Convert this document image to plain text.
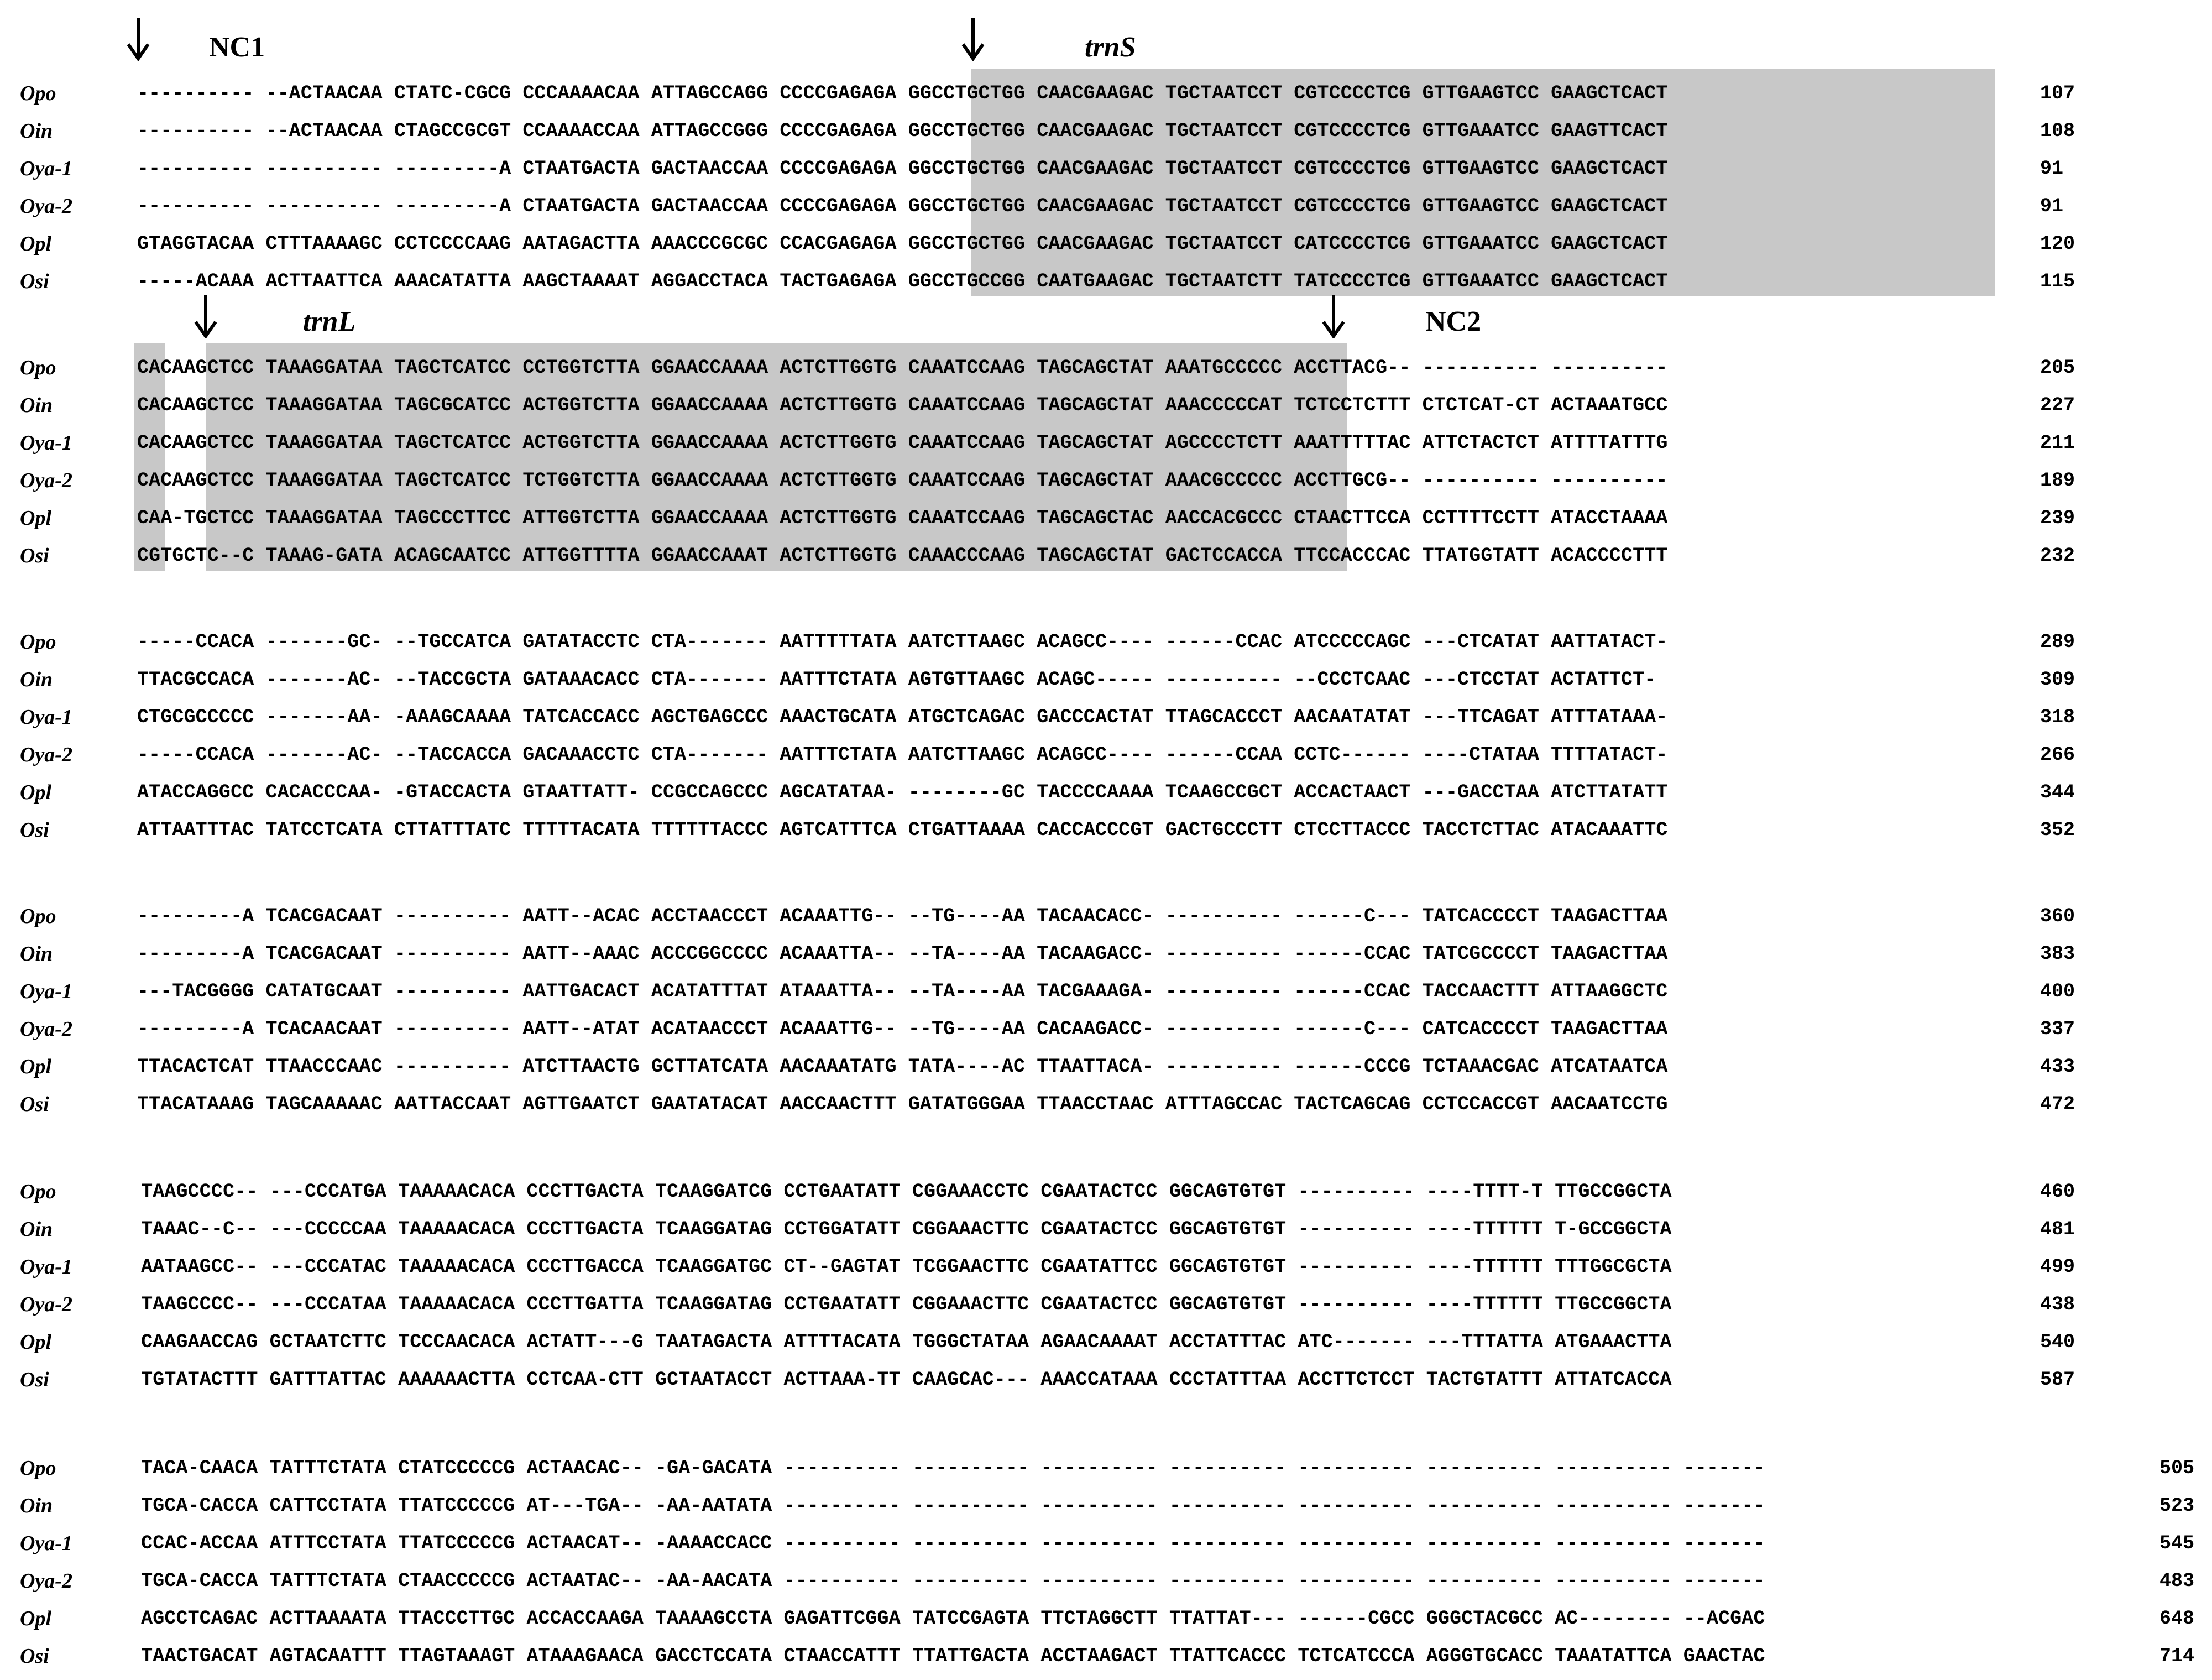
NC1	trnS
trnL	NC2
Opo	---------- --ACTAACAA CTATC-CGCG CCCAAAACAA ATTAGCCAGG CCCCGAGAGA GGCCTGCTGG CAACGAAGAC TGCTAATCCT CGTCCCCTCG GTTGAAGTCC GAAGCTCACT	107
Oin	---------- --ACTAACAA CTAGCCGCGT CCAAAACCAA ATTAGCCGGG CCCCGAGAGA GGCCTGCTGG CAACGAAGAC TGCTAATCCT CGTCCCCTCG GTTGAAATCC GAAGTTCACT	108
Oya-1	---------- ---------- ---------A CTAATGACTA GACTAACCAA CCCCGAGAGA GGCCTGCTGG CAACGAAGAC TGCTAATCCT CGTCCCCTCG GTTGAAGTCC GAAGCTCACT	91
Oya-2	---------- ---------- ---------A CTAATGACTA GACTAACCAA CCCCGAGAGA GGCCTGCTGG CAACGAAGAC TGCTAATCCT CGTCCCCTCG GTTGAAGTCC GAAGCTCACT	91
Opl	GTAGGTACAA CTTTAAAAGC CCTCCCCAAG AATAGACTTA AAACCCGCGC CCACGAGAGA GGCCTGCTGG CAACGAAGAC TGCTAATCCT CATCCCCTCG GTTGAAATCC GAAGCTCACT	120
Osi	-----ACAAA ACTTAATTCA AAACATATTA AAGCTAAAAT AGGACCTACA TACTGAGAGA GGCCTGCCGG CAATGAAGAC TGCTAATCTT TATCCCCTCG GTTGAAATCC GAAGCTCACT	115
Opo	CACAAGCTCC TAAAGGATAA TAGCTCATCC CCTGGTCTTA GGAACCAAAA ACTCTTGGTG CAAATCCAAG TAGCAGCTAT AAATGCCCCC ACCTTACG-- ---------- ----------	205
Oin	CACAAGCTCC TAAAGGATAA TAGCGCATCC ACTGGTCTTA GGAACCAAAA ACTCTTGGTG CAAATCCAAG TAGCAGCTAT AAACCCCCAT TCTCCTCTTT CTCTCAT-CT ACTAAATGCC	227
Oya-1	CACAAGCTCC TAAAGGATAA TAGCTCATCC ACTGGTCTTA GGAACCAAAA ACTCTTGGTG CAAATCCAAG TAGCAGCTAT AGCCCCTCTT AAATTTTTAC ATTCTACTCT ATTTTATTTG	211
Oya-2	CACAAGCTCC TAAAGGATAA TAGCTCATCC TCTGGTCTTA GGAACCAAAA ACTCTTGGTG CAAATCCAAG TAGCAGCTAT AAACGCCCCC ACCTTGCG-- ---------- ----------	189
Opl	CAA-TGCTCC TAAAGGATAA TAGCCCTTCC ATTGGTCTTA GGAACCAAAA ACTCTTGGTG CAAATCCAAG TAGCAGCTAC AACCACGCCC CTAACTTCCA CCTTTTCCTT ATACCTAAAA	239
Osi	CGTGCTC--C TAAAG-GATA ACAGCAATCC ATTGGTTTTA GGAACCAAAT ACTCTTGGTG CAAACCCAAG TAGCAGCTAT GACTCCACCA TTCCACCCAC TTATGGTATT ACACCCCTTT	232
Opo	-----CCACA -------GC- --TGCCATCA GATATACCTC CTA------- AATTTTTATA AATCTTAAGC ACAGCC---- ------CCAC ATCCCCCAGC ---CTCATAT AATTATACT-	289
Oin	TTACGCCACA -------AC- --TACCGCTA GATAAACACC CTA------- AATTTCTATA AGTGTTAAGC ACAGC----- ---------- --CCCTCAAC ---CTCCTAT ACTATTCT-	309
Oya-1	CTGCGCCCCC -------AA- -AAAGCAAAA TATCACCACC AGCTGAGCCC AAACTGCATA ATGCTCAGAC GACCCACTAT TTAGCACCCT AACAATATAT ---TTCAGAT ATTTATAAA-	318
Oya-2	-----CCACA -------AC- --TACCACCA GACAAACCTC CTA------- AATTTCTATA AATCTTAAGC ACAGCC---- ------CCAA CCTC------ ----CTATAA TTTTATACT-	266
Opl	ATACCAGGCC CACACCCAA- -GTACCACTA GTAATTATT- CCGCCAGCCC AGCATATAA- --------GC TACCCCAAAA TCAAGCCGCT ACCACTAACT ---GACCTAA ATCTTATATT	344
Osi	ATTAATTTAC TATCCTCATA CTTATTTATC TTTTTACATA TTTTTTACCC AGTCATTTCA CTGATTAAAA CACCACCCGT GACTGCCCTT CTCCTTACCC TACCTCTTAC ATACAAATTC	352
Opo	---------A TCACGACAAT ---------- AATT--ACAC ACCTAACCCT ACAAATTG-- --TG----AA TACAACACC- ---------- ------C--- TATCACCCCT TAAGACTTAA	360
Oin	---------A TCACGACAAT ---------- AATT--AAAC ACCCGGCCCC ACAAATTA-- --TA----AA TACAAGACC- ---------- ------CCAC TATCGCCCCT TAAGACTTAA	383
Oya-1	---TACGGGG CATATGCAAT ---------- AATTGACACT ACATATTTAT ATAAATTA-- --TA----AA TACGAAAGA- ---------- ------CCAC TACCAACTTT ATTAAGGCTC	400
Oya-2	---------A TCACAACAAT ---------- AATT--ATAT ACATAACCCT ACAAATTG-- --TG----AA CACAAGACC- ---------- ------C--- CATCACCCCT TAAGACTTAA	337
Opl	TTACACTCAT TTAACCCAAC ---------- ATCTTAACTG GCTTATCATA AACAAATATG TATA----AC TTAATTACA- ---------- ------CCCG TCTAAACGAC ATCATAATCA	433
Osi	TTACATAAAG TAGCAAAAAC AATTACCAAT AGTTGAATCT GAATATACAT AACCAACTTT GATATGGGAA TTAACCTAAC ATTTAGCCAC TACTCAGCAG CCTCCACCGT AACAATCCTG	472
Opo	TAAGCCCC-- ---CCCATGA TAAAAACACA CCCTTGACTA TCAAGGATCG CCTGAATATT CGGAAACCTC CGAATACTCC GGCAGTGTGT ---------- ----TTTT-T TTGCCGGCTA	460
Oin	TAAAC--C-- ---CCCCCAA TAAAAACACA CCCTTGACTA TCAAGGATAG CCTGGATATT CGGAAACTTC CGAATACTCC GGCAGTGTGT ---------- ----TTTTTT T-GCCGGCTA	481
Oya-1	AATAAGCC-- ---CCCATAC TAAAAACACA CCCTTGACCA TCAAGGATGC CT--GAGTAT TCGGAACTTC CGAATATTCC GGCAGTGTGT ---------- ----TTTTTT TTTGGCGCTA	499
Oya-2	TAAGCCCC-- ---CCCATAA TAAAAACACA CCCTTGATTA TCAAGGATAG CCTGAATATT CGGAAACTTC CGAATACTCC GGCAGTGTGT ---------- ----TTTTTT TTGCCGGCTA	438
Opl	CAAGAACCAG GCTAATCTTC TCCCAACACA ACTATT---G TAATAGACTA ATTTTACATA TGGGCTATAA AGAACAAAAT ACCTATTTAC ATC------- ---TTTATTA ATGAAACTTA	540
Osi	TGTATACTTT GATTTATTAC AAAAAACTTA CCTCAA-CTT GCTAATACCT ACTTAAA-TT CAAGCAC--- AAACCATAAA CCCTATTTAA ACCTTCTCCT TACTGTATTT ATTATCACCA	587
Opo	TACA-CAACA TATTTCTATA CTATCCCCCG ACTAACAC-- -GA-GACATA ---------- ---------- ---------- ---------- ---------- ---------- ---------- -------	505
Oin	TGCA-CACCA CATTCCTATA TTATCCCCCG AT---TGA-- -AA-AATATA ---------- ---------- ---------- ---------- ---------- ---------- ---------- -------	523
Oya-1	CCAC-ACCAA ATTTCCTATA TTATCCCCCG ACTAACAT-- -AAAACCACC ---------- ---------- ---------- ---------- ---------- ---------- ---------- -------	545
Oya-2	TGCA-CACCA TATTTCTATA CTAACCCCCG ACTAATAC-- -AA-AACATA ---------- ---------- ---------- ---------- ---------- ---------- ---------- -------	483
Opl	AGCCTCAGAC ACTTAAAATA TTACCCTTGC ACCACCAAGA TAAAAGCCTA GAGATTCGGA TATCCGAGTA TTCTAGGCTT TTATTAT--- ------CGCC GGGCTACGCC AC-------- --ACGAC	648
Osi	TAACTGACAT AGTACAATTT TTAGTAAAGT ATAAAGAACA GACCTCCATA CTAACCATTT TTATTGACTA ACCTAAGACT TTATTCACCC TCTCATCCCA AGGGTGCACC TAAATATTCA GAACTAC	714
